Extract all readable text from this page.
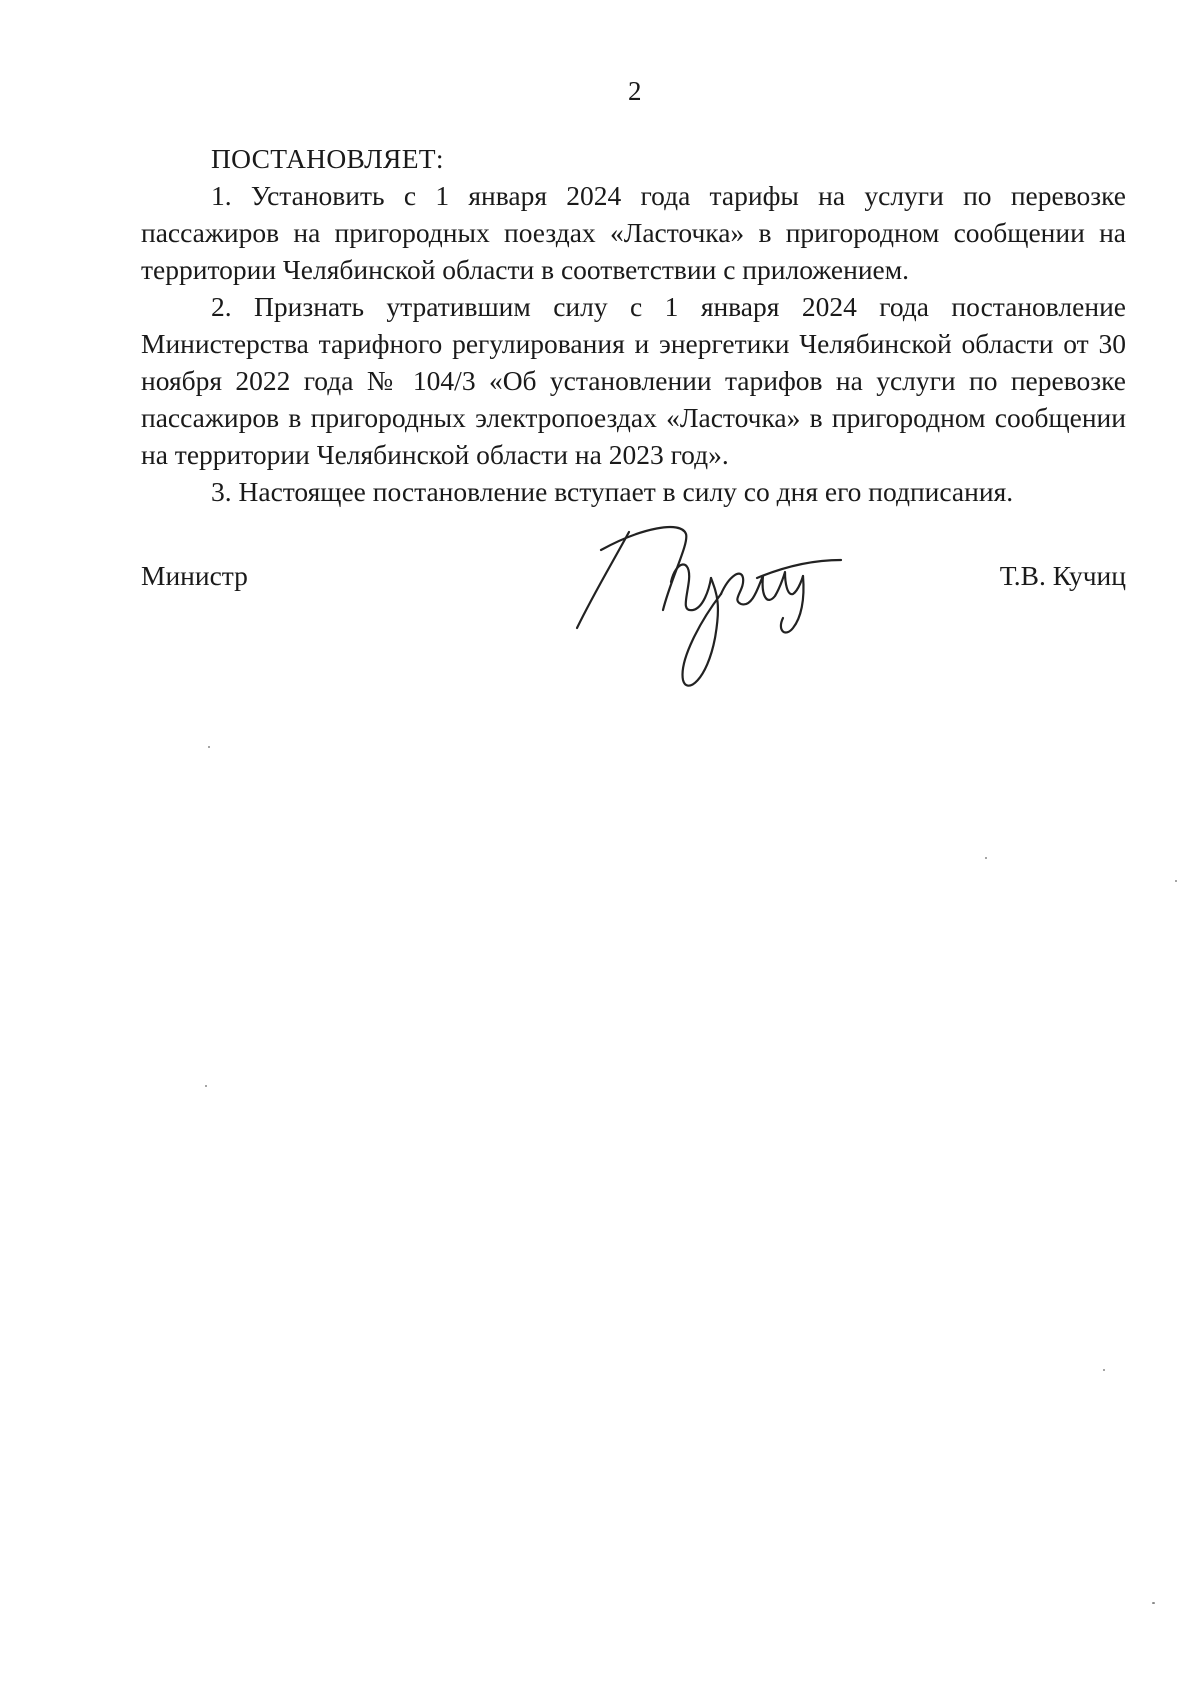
2

ПОСТАНОВЛЯЕТ:

1. Установить с 1 января 2024 года тарифы на услуги по перевозке пассажиров на пригородных поездах «Ласточка» в пригородном сообщении на территории Челябинской области в соответствии с приложением.

2. Признать утратившим силу с 1 января 2024 года постановление Министерства тарифного регулирования и энергетики Челябинской области от 30 ноября 2022 года № 104/3 «Об установлении тарифов на услуги по перевозке пассажиров в пригородных электропоездах «Ласточка» в пригородном сообщении на территории Челябинской области на 2023 год».

3. Настоящее постановление вступает в силу со дня его подписания.

Министр	Т.В. Кучиц
